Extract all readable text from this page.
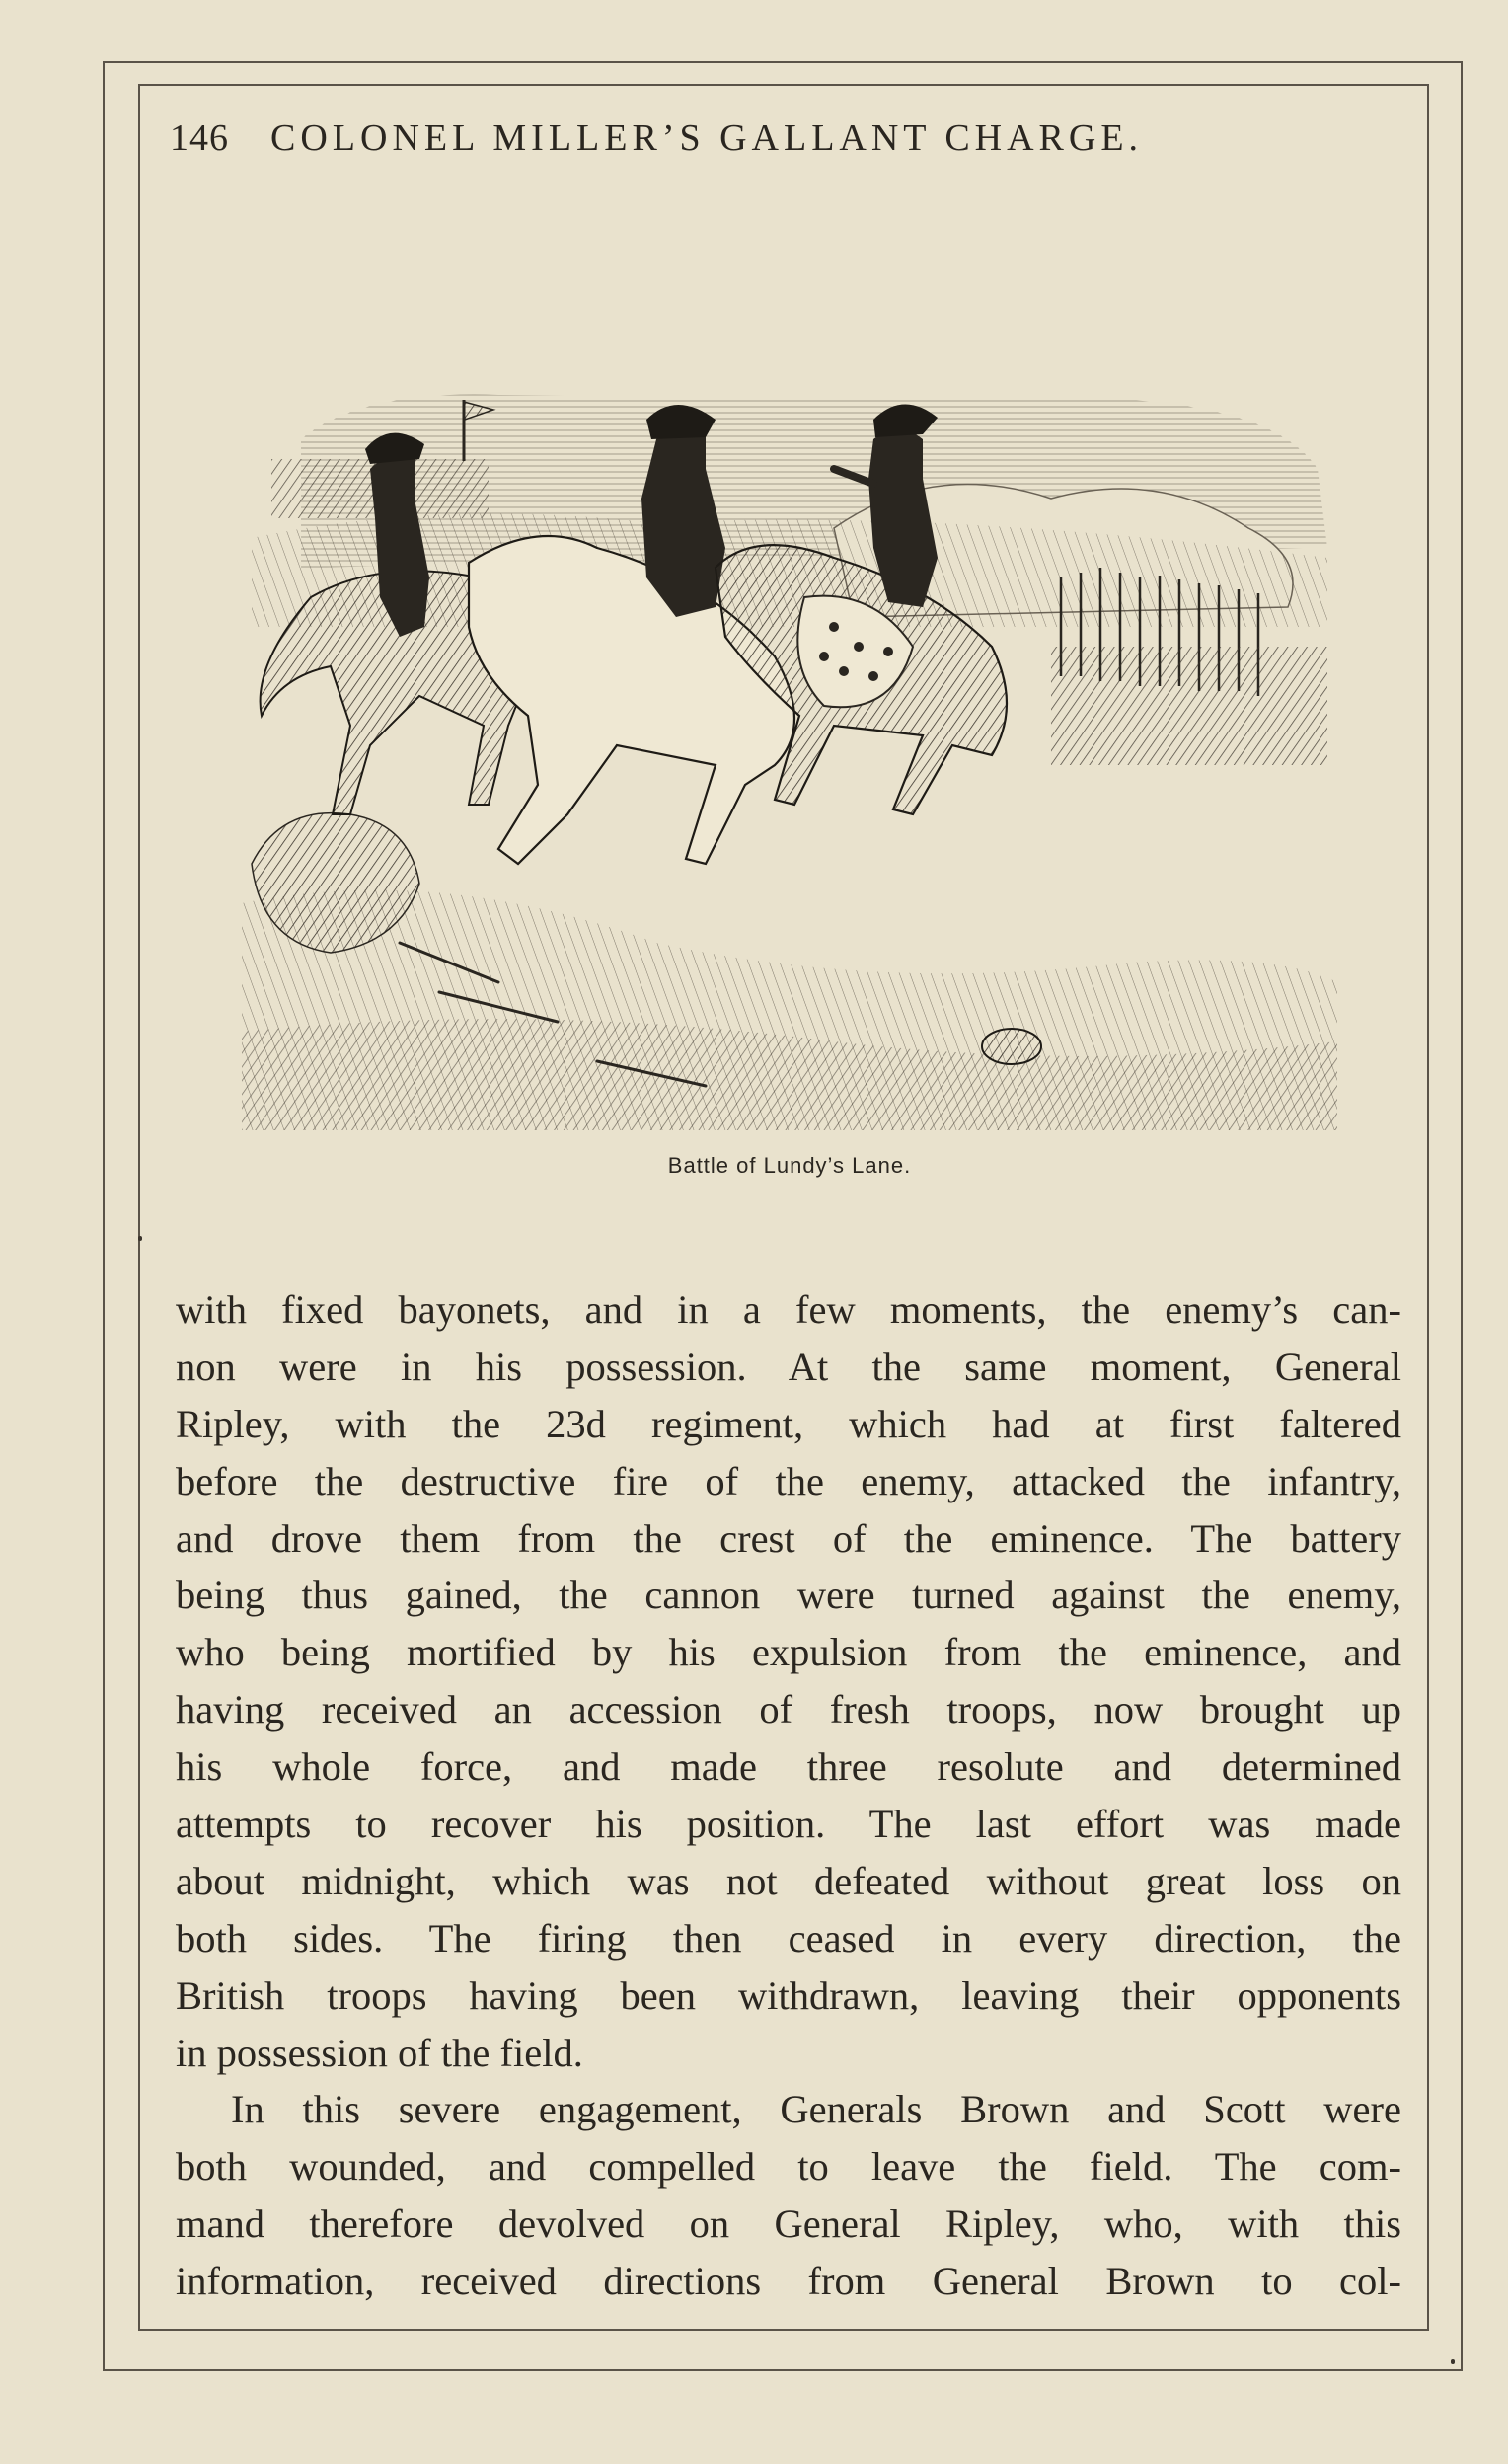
146 COLONEL MILLER’S GALLANT CHARGE.
Battle of Lundy’s Lane.
with fixed bayonets, and in a few moments, the enemy’s can-
non were in his possession. At the same moment, General
Ripley, with the 23d regiment, which had at first faltered
before the destructive fire of the enemy, attacked the infantry,
and drove them from the crest of the eminence. The battery
being thus gained, the cannon were turned against the enemy,
who being mortified by his expulsion from the eminence, and
having received an accession of fresh troops, now brought up
his whole force, and made three resolute and determined
attempts to recover his position. The last effort was made
about midnight, which was not defeated without great loss on
both sides. The firing then ceased in every direction, the
British troops having been withdrawn, leaving their opponents
in possession of the field.
In this severe engagement, Generals Brown and Scott were
both wounded, and compelled to leave the field. The com-
mand therefore devolved on General Ripley, who, with this
information, received directions from General Brown to col-
